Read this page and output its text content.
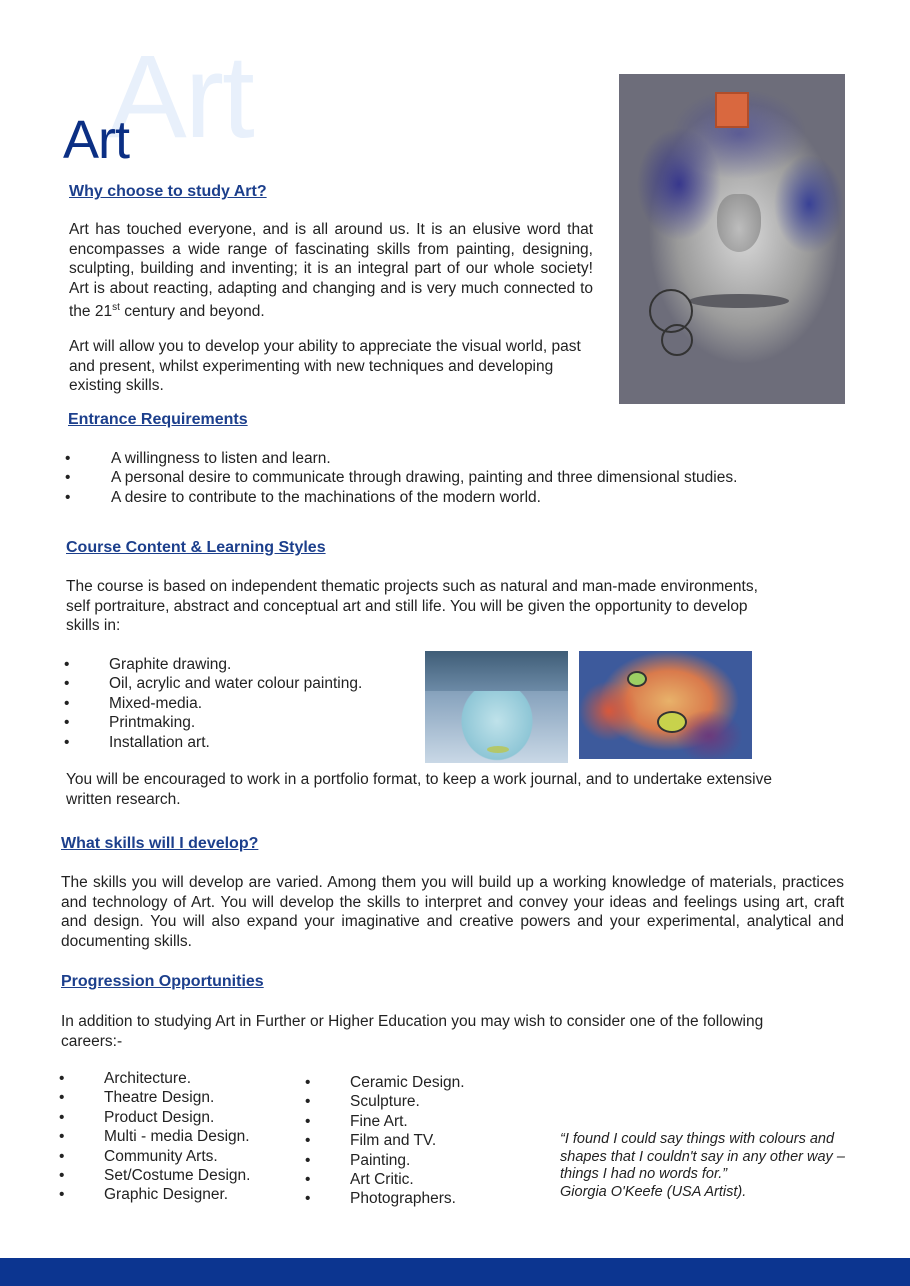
Art
Art
Why choose to study Art?
Art has touched everyone, and is all around us. It is an elusive word that encompasses a wide range of fascinating skills from painting, designing, sculpting, building and inventing; it is an integral part of our whole society! Art is about reacting, adapting and changing and is very much connected to the 21st century and beyond.
Art will allow you to develop your ability to appreciate the visual world, past and present, whilst experimenting with new techniques and developing existing skills.
Entrance Requirements
• A willingness to listen and learn.
• A personal desire to communicate through drawing, painting and three dimensional studies.
• A desire to contribute to the machinations of the modern world.
Course Content & Learning Styles
The course is based on independent thematic projects such as natural and man-made environments, self portraiture, abstract and conceptual art and still life. You will be given the opportunity to develop skills in:
• Graphite drawing.
• Oil, acrylic and water colour painting.
• Mixed-media.
• Printmaking.
• Installation art.
You will be encouraged to work in a portfolio format, to keep a work journal, and to undertake extensive written research.
What skills will I develop?
The skills you will develop are varied. Among them you will build up a working knowledge of materials, practices and technology of Art. You will develop the skills to interpret and convey your ideas and feelings using art, craft and design. You will also expand your imaginative and creative powers and your experimental, analytical and documenting skills.
Progression Opportunities
In addition to studying Art in Further or Higher Education you may wish to consider one of the following careers:-
• Architecture.
• Theatre Design.
• Product Design.
• Multi - media Design.
• Community Arts.
• Set/Costume Design.
• Graphic Designer.
• Ceramic Design.
• Sculpture.
• Fine Art.
• Film and TV.
• Painting.
• Art Critic.
• Photographers.
“I found I could say things with colours and shapes that I couldn't say in any other way – things I had no words for.”
Giorgia O'Keefe (USA Artist).
